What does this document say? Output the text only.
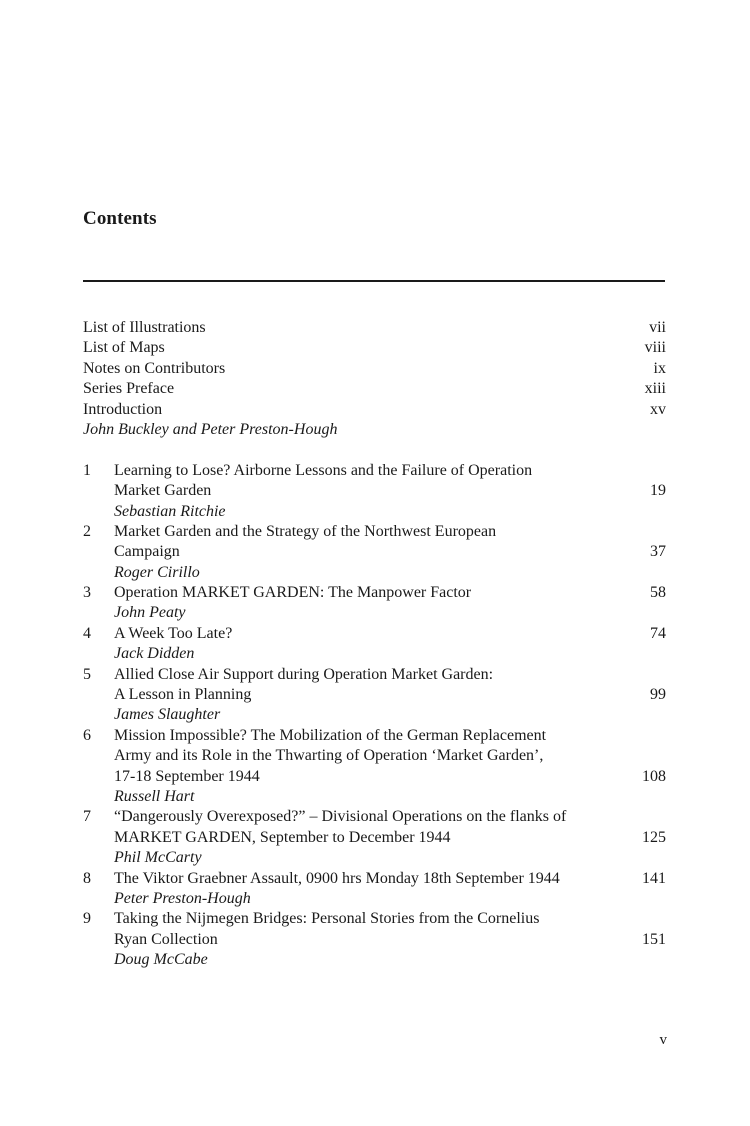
Contents
List of Illustrations	vii
List of Maps	viii
Notes on Contributors	ix
Series Preface	xiii
Introduction	xv
John Buckley and Peter Preston-Hough
1 Learning to Lose? Airborne Lessons and the Failure of Operation
Market Garden	19
Sebastian Ritchie
2 Market Garden and the Strategy of the Northwest European
Campaign	37
Roger Cirillo
3 Operation MARKET GARDEN: The Manpower Factor	58
John Peaty
4 A Week Too Late?	74
Jack Didden
5 Allied Close Air Support during Operation Market Garden:
A Lesson in Planning	99
James Slaughter
6 Mission Impossible? The Mobilization of the German Replacement
Army and its Role in the Thwarting of Operation ‘Market Garden’,
17-18 September 1944	108
Russell Hart
7 “Dangerously Overexposed?” – Divisional Operations on the flanks of
MARKET GARDEN, September to December 1944	125
Phil McCarty
8 The Viktor Graebner Assault, 0900 hrs Monday 18th September 1944	141
Peter Preston-Hough
9 Taking the Nijmegen Bridges: Personal Stories from the Cornelius
Ryan Collection	151
Doug McCabe
v
